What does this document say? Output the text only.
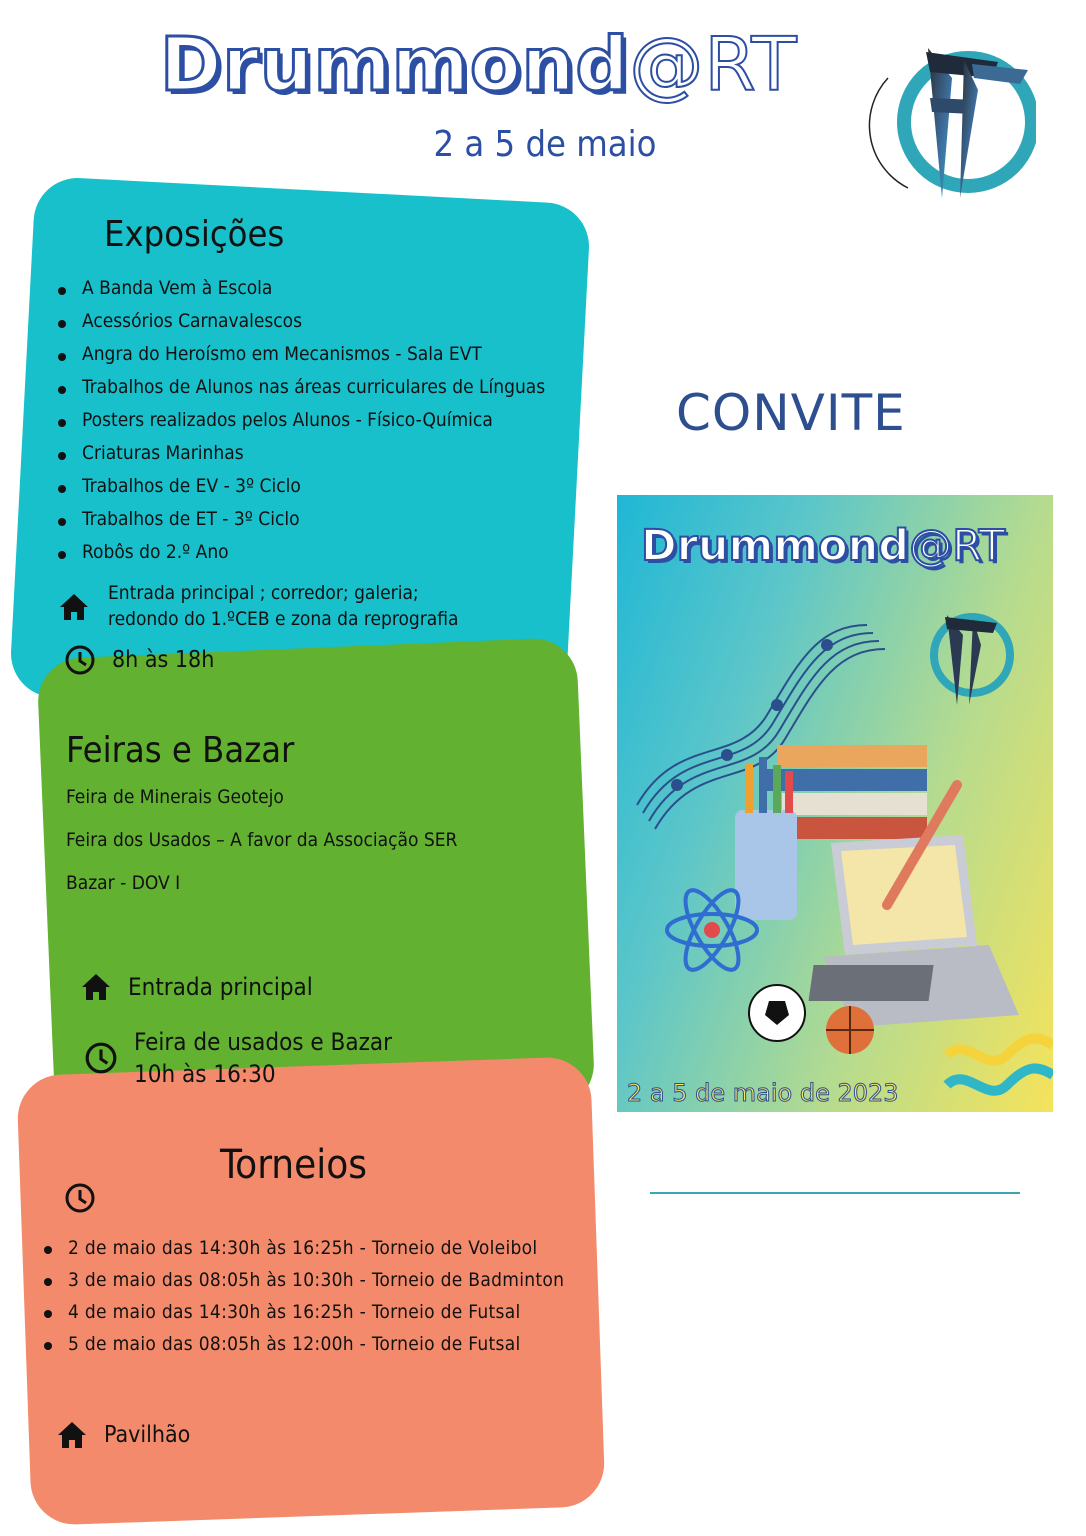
Drummond@RT
2 a 5 de maio
Exposições
A Banda Vem à Escola
Acessórios Carnavalescos
Angra do Heroísmo em Mecanismos - Sala EVT
Trabalhos de Alunos nas áreas curriculares de Línguas
Posters realizados pelos Alunos - Físico-Química
Criaturas Marinhas
Trabalhos de EV - 3º Ciclo
Trabalhos de ET - 3º Ciclo
Robôs do 2.º Ano
Entrada principal ; corredor; galeria;
redondo do 1.ºCEB e zona da reprografia
8h às 18h
Feiras e Bazar
Feira de Minerais Geotejo
Feira dos Usados – A favor da Associação SER
Bazar - DOV I
Entrada principal
Feira de usados e Bazar
10h às 16:30
Torneios
2 de maio das 14:30h às 16:25h - Torneio de Voleibol
3 de maio das 08:05h às 10:30h - Torneio de Badminton
4 de maio das 14:30h às 16:25h - Torneio de Futsal
5 de maio das 08:05h às 12:00h - Torneio de Futsal
Pavilhão
CONVITE
Drummond@RT
2 a 5 de maio de 2023
